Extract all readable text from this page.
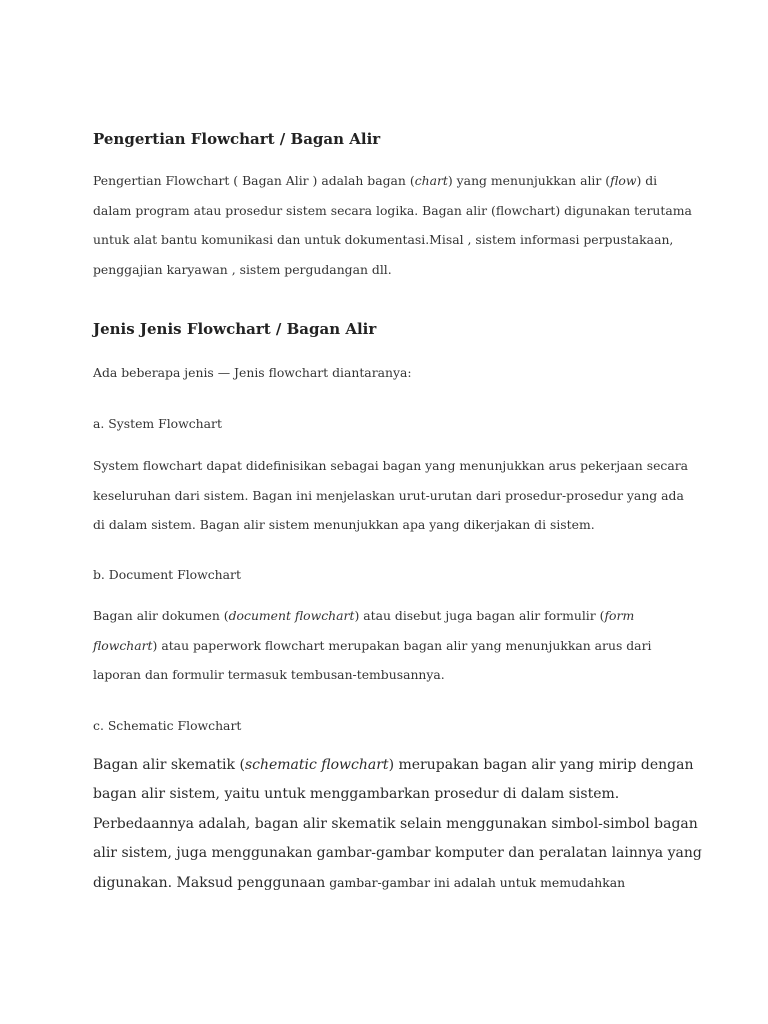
Pengertian Flowchart / Bagan Alir
Pengertian Flowchart ( Bagan Alir ) adalah bagan (chart) yang menunjukkan alir (flow) di
dalam program atau prosedur sistem secara logika. Bagan alir (flowchart) digunakan terutama
untuk alat bantu komunikasi dan untuk dokumentasi.Misal , sistem informasi perpustakaan,
penggajian karyawan , sistem pergudangan dll.
Jenis Jenis Flowchart / Bagan Alir
Ada beberapa jenis — Jenis flowchart diantaranya:
a. System Flowchart
System flowchart dapat didefinisikan sebagai bagan yang menunjukkan arus pekerjaan secara
keseluruhan dari sistem. Bagan ini menjelaskan urut-urutan dari prosedur-prosedur yang ada
di dalam sistem. Bagan alir sistem menunjukkan apa yang dikerjakan di sistem.
b. Document Flowchart
Bagan alir dokumen (document flowchart) atau disebut juga bagan alir formulir (form
flowchart) atau paperwork flowchart merupakan bagan alir yang menunjukkan arus dari
laporan dan formulir termasuk tembusan-tembusannya.
c. Schematic Flowchart
Bagan alir skematik (schematic flowchart) merupakan bagan alir yang mirip dengan
bagan alir sistem, yaitu untuk menggambarkan prosedur di dalam sistem.
Perbedaannya adalah, bagan alir skematik selain menggunakan simbol-simbol bagan
alir sistem, juga menggunakan gambar-gambar komputer dan peralatan lainnya yang
digunakan. Maksud penggunaan gambar-gambar ini adalah untuk memudahkan
